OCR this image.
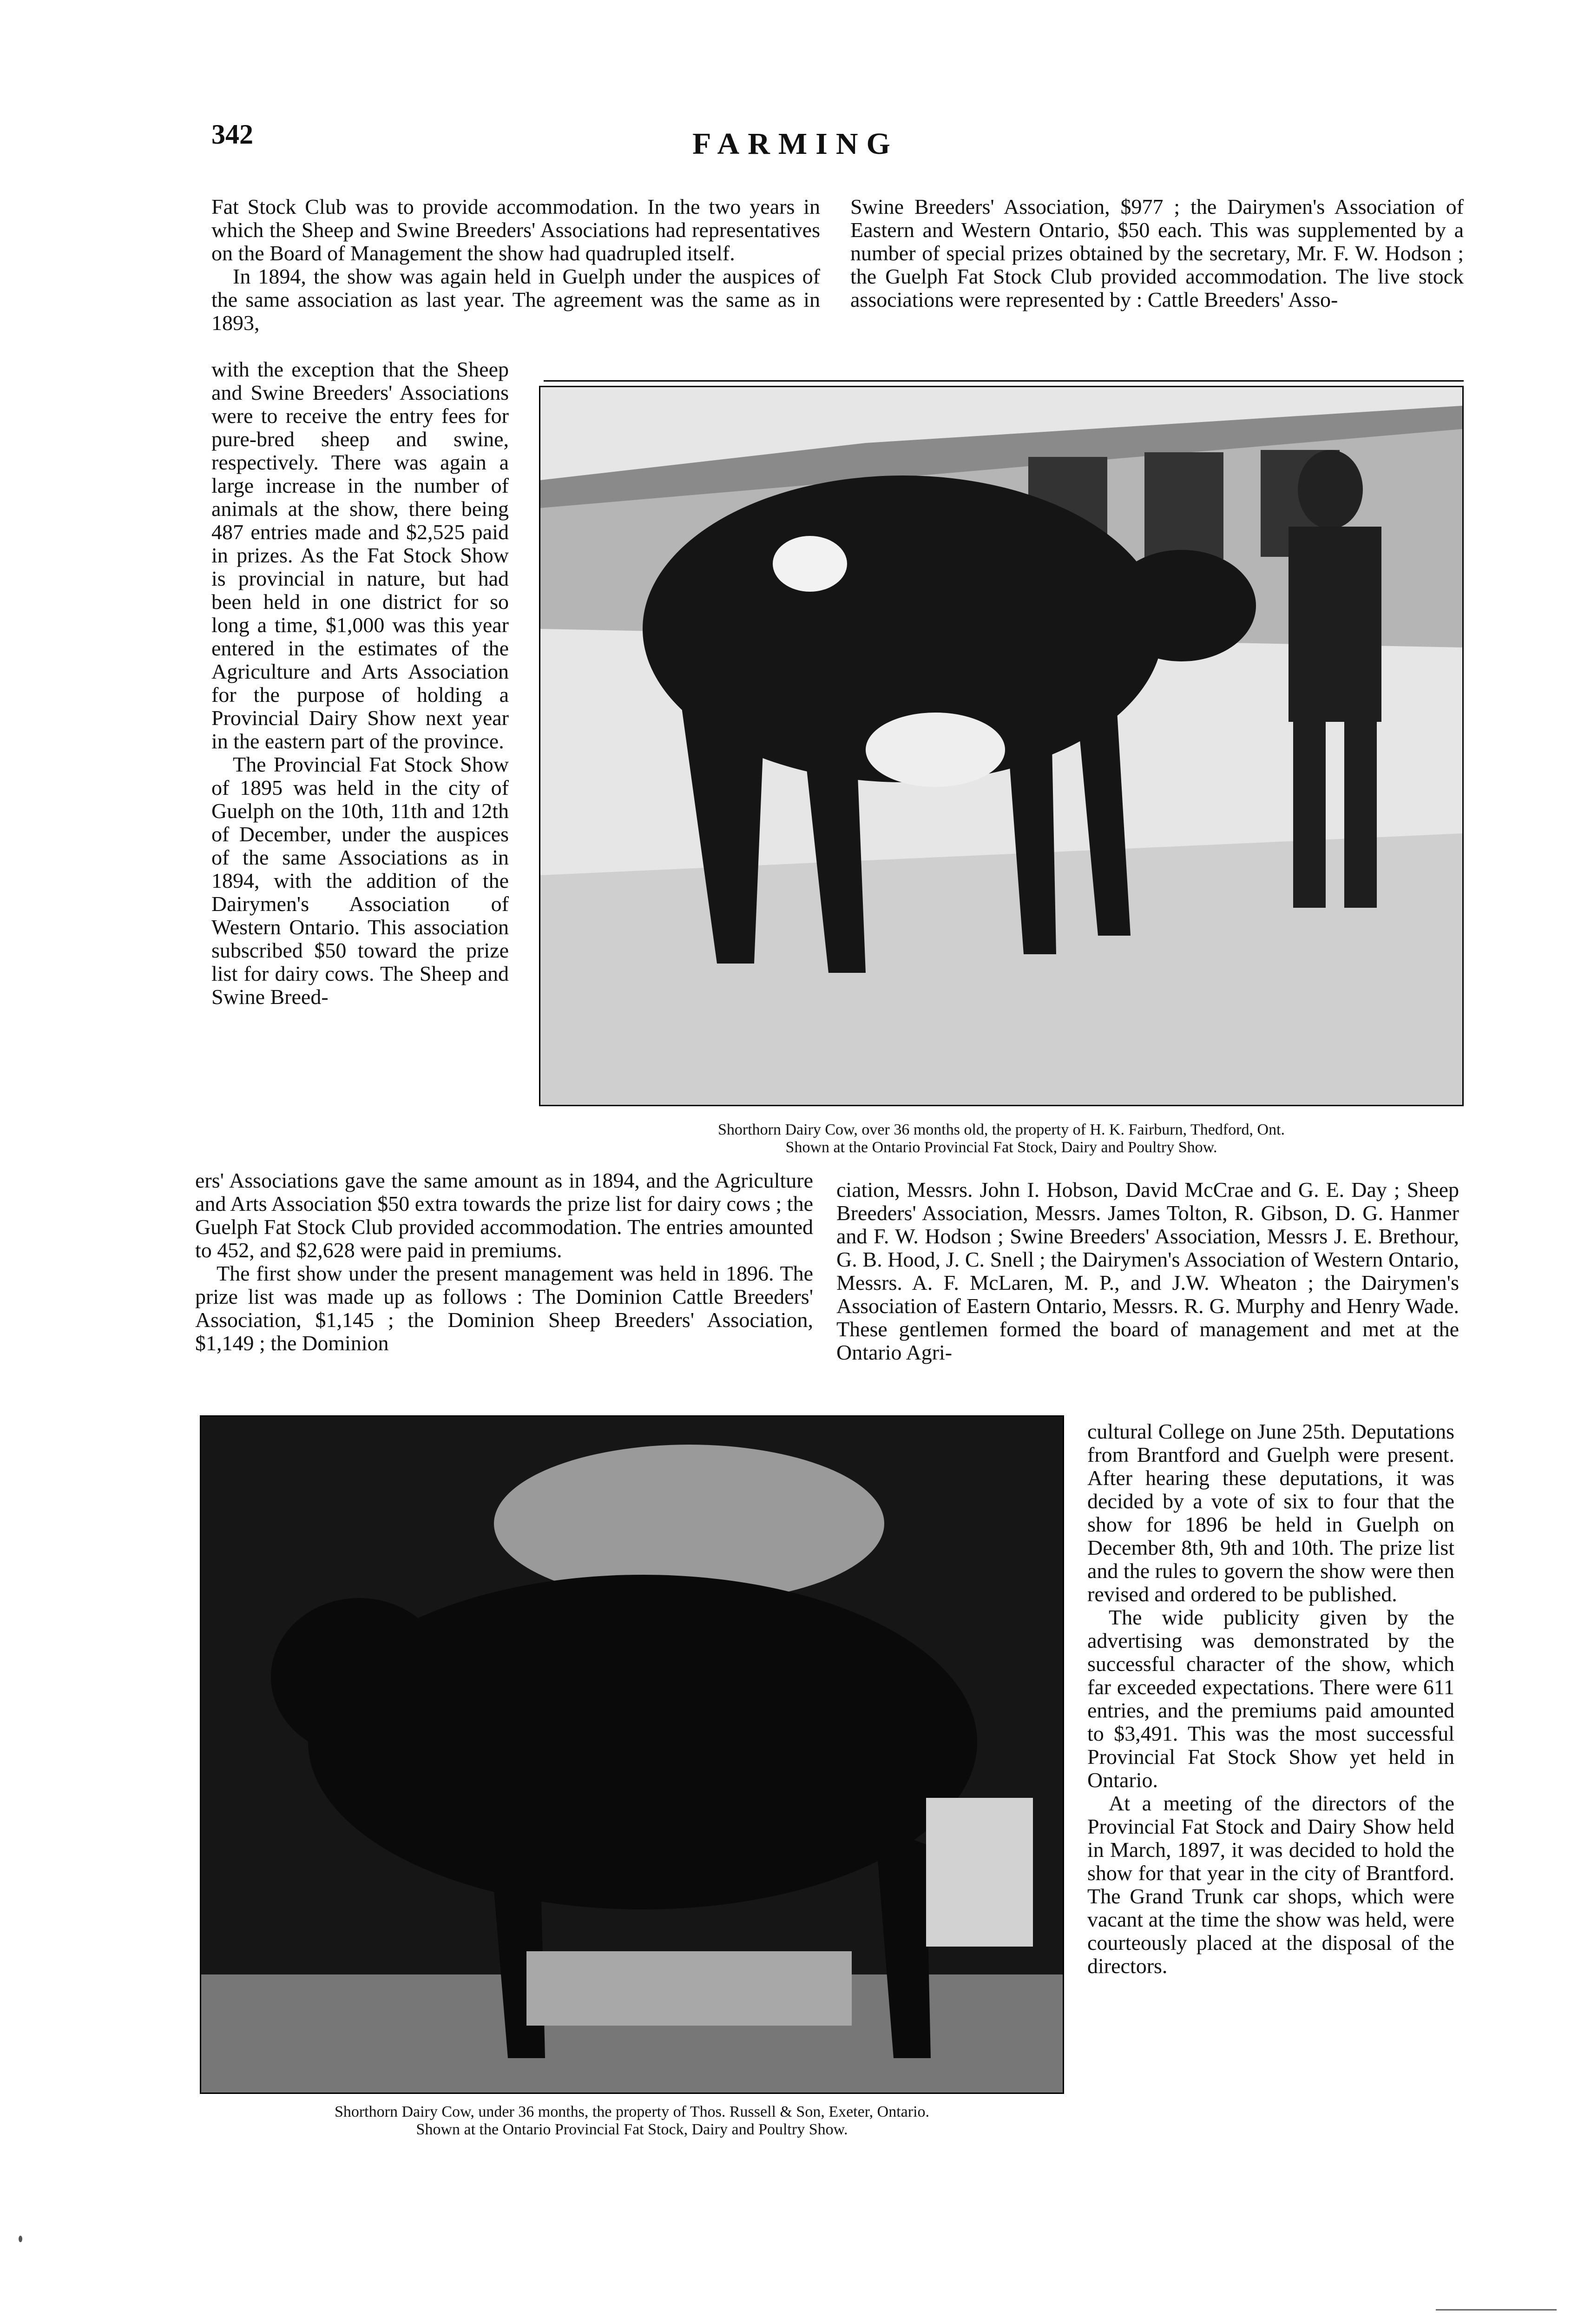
342	FARMING

Fat Stock Club was to provide accommodation. In the two years in which the Sheep and Swine Breeders' Associations had representatives on the Board of Management the show had quadrupled itself.

In 1894, the show was again held in Guelph under the auspices of the same association as last year. The agreement was the same as in 1893,

with the exception that the Sheep and Swine Breeders' Associations were to receive the entry fees for pure-bred sheep and swine, respectively. There was again a large increase in the number of animals at the show, there being 487 entries made and $2,525 paid in prizes. As the Fat Stock Show is provincial in nature, but had been held in one district for so long a time, $1,000 was this year entered in the estimates of the Agriculture and Arts Association for the purpose of holding a Provincial Dairy Show next year in the eastern part of the province.

The Provincial Fat Stock Show of 1895 was held in the city of Guelph on the 10th, 11th and 12th of December, under the auspices of the same Associations as in 1894, with the addition of the Dairymen's Association of Western Ontario. This association subscribed $50 toward the prize list for dairy cows. The Sheep and Swine Breed-

Swine Breeders' Association, $977 ; the Dairymen's Association of Eastern and Western Ontario, $50 each. This was supplemented by a number of special prizes obtained by the secretary, Mr. F. W. Hodson ; the Guelph Fat Stock Club provided accommodation. The live stock associations were represented by : Cattle Breeders' Asso-

Shorthorn Dairy Cow, over 36 months old, the property of H. K. Fairburn, Thedford, Ont.
Shown at the Ontario Provincial Fat Stock, Dairy and Poultry Show.

ers' Associations gave the same amount as in 1894, and the Agriculture and Arts Association $50 extra towards the prize list for dairy cows ; the Guelph Fat Stock Club provided accommodation. The entries amounted to 452, and $2,628 were paid in premiums.

The first show under the present management was held in 1896. The prize list was made up as follows : The Dominion Cattle Breeders' Association, $1,145 ; the Dominion Sheep Breeders' Association, $1,149 ; the Dominion

ciation, Messrs. John I. Hobson, David McCrae and G. E. Day ; Sheep Breeders' Association, Messrs. James Tolton, R. Gibson, D. G. Hanmer and F. W. Hodson ; Swine Breeders' Association, Messrs J. E. Brethour, G. B. Hood, J. C. Snell ; the Dairymen's Association of Western Ontario, Messrs. A. F. McLaren, M. P., and J.W. Wheaton ; the Dairymen's Association of Eastern Ontario, Messrs. R. G. Murphy and Henry Wade. These gentlemen formed the board of management and met at the Ontario Agri-

Shorthorn Dairy Cow, under 36 months, the property of Thos. Russell & Son, Exeter, Ontario.
Shown at the Ontario Provincial Fat Stock, Dairy and Poultry Show.

cultural College on June 25th. Deputations from Brantford and Guelph were present. After hearing these deputations, it was decided by a vote of six to four that the show for 1896 be held in Guelph on December 8th, 9th and 10th. The prize list and the rules to govern the show were then revised and ordered to be published.

The wide publicity given by the advertising was demonstrated by the successful character of the show, which far exceeded expectations. There were 611 entries, and the premiums paid amounted to $3,491. This was the most successful Provincial Fat Stock Show yet held in Ontario.

At a meeting of the directors of the Provincial Fat Stock and Dairy Show held in March, 1897, it was decided to hold the show for that year in the city of Brantford. The Grand Trunk car shops, which were vacant at the time the show was held, were courteously placed at the disposal of the directors.
